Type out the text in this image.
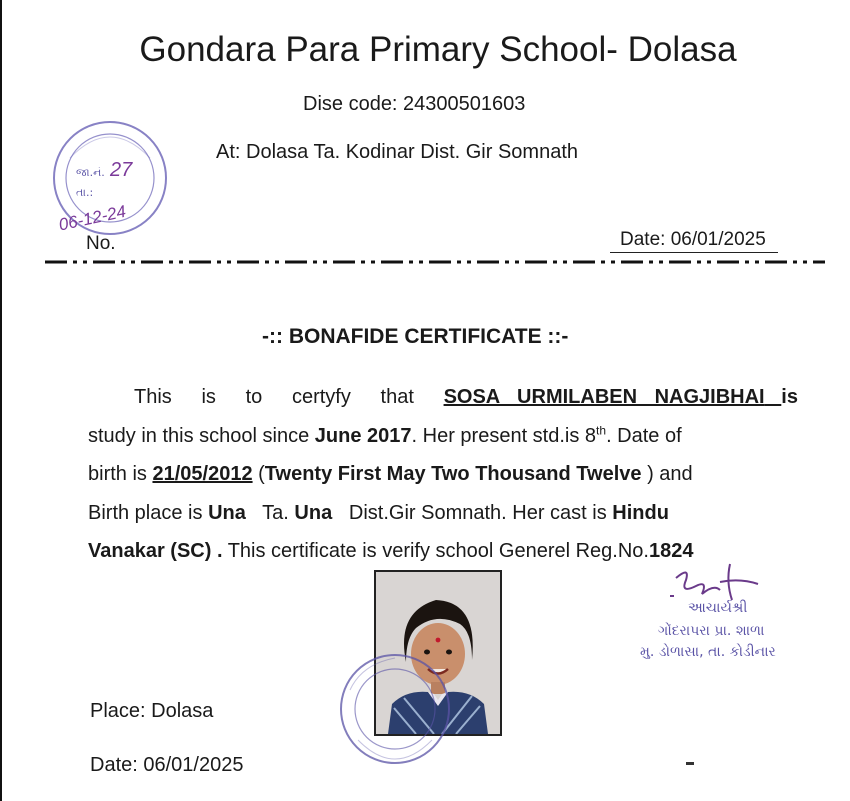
Gondara Para Primary School- Dolasa
Dise code: 24300501603
At: Dolasa Ta. Kodinar Dist. Gir Somnath
જા.નં. 27
તા.:
06-12-24
No.	Date: 06/01/2025
-:: BONAFIDE CERTIFICATE ::-
This is to certyfy that SOSA URMILABEN NAGJIBHAI
is
study in this school since June 2017. Her present std.is 8th. Date of
birth is 21/05/2012 (Twenty First May Two Thousand Twelve ) and
Birth place is Una Ta. Una Dist.Gir Somnath. Her cast is Hindu
Vanakar (SC) . This certificate is verify school Generel Reg.No.1824
આચાર્યશ્રી
ગોંદરાપરા પ્રા. શાળા
મુ. ડોળાસા, તા. કોડીનાર
Place: Dolasa
Date: 06/01/2025
